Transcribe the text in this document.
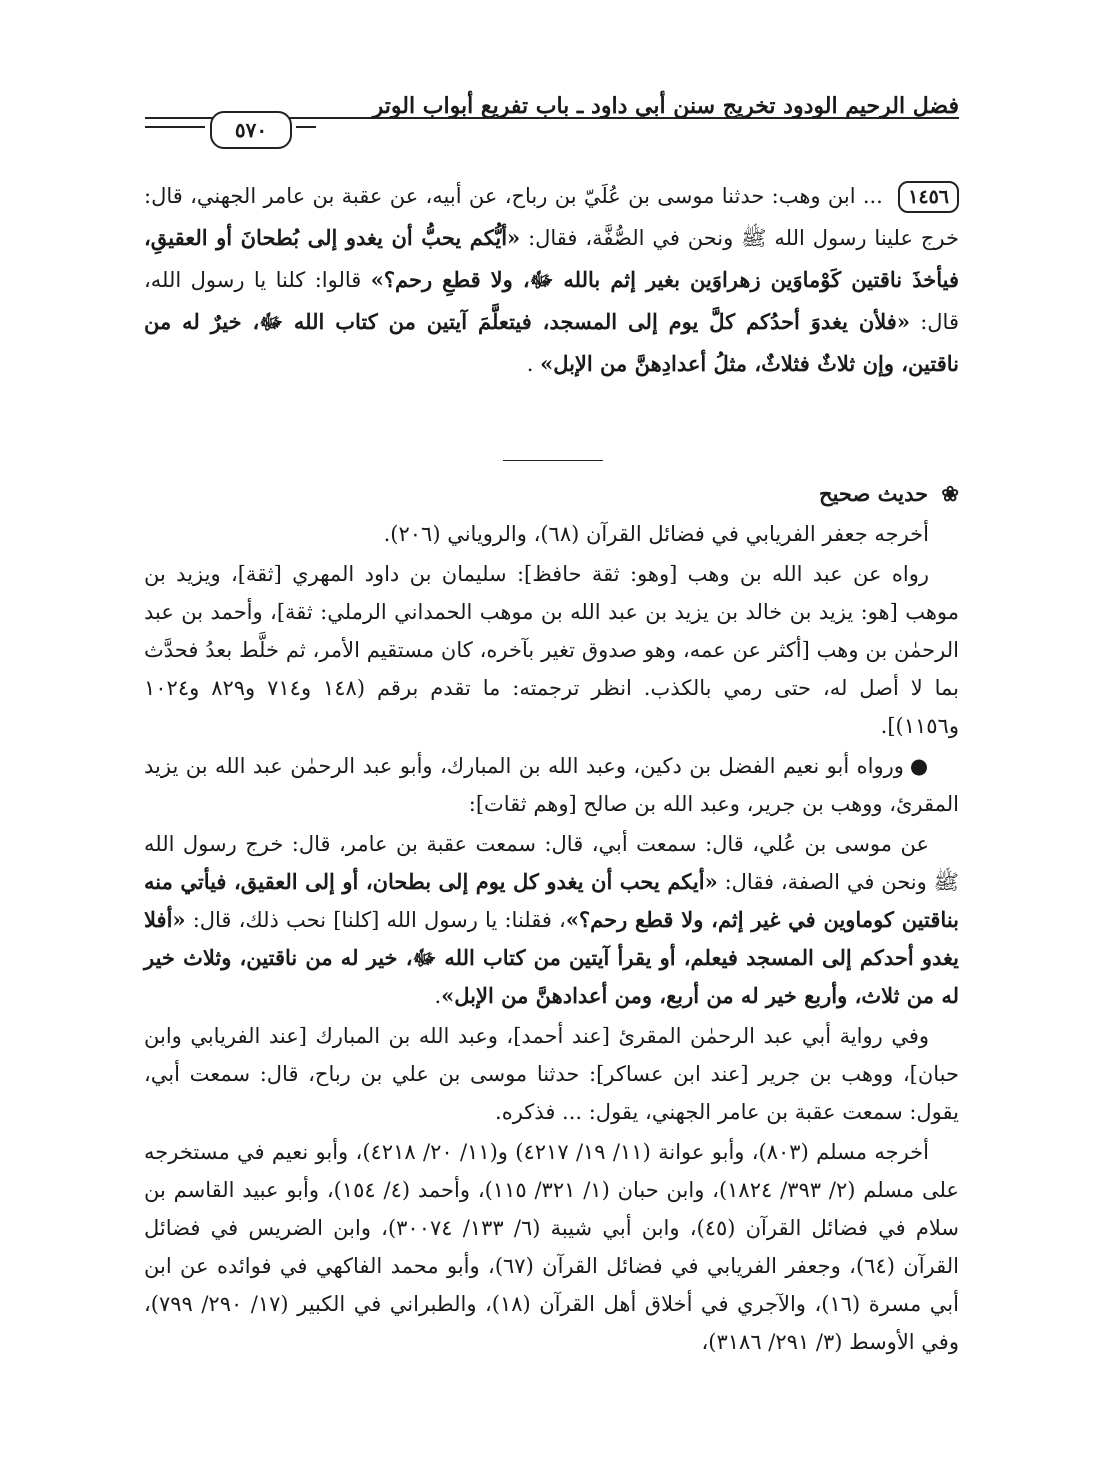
فضل الرحيم الودود تخريج سنن أبي داود ـ باب تفريع أبواب الوتر
٥٧٠
١٤٥٦ ... ابن وهب: حدثنا موسى بن عُلَيّ بن رباح، عن أبيه، عن عقبة بن عامر الجهني، قال: خرج علينا رسول الله ﷺ ونحن في الصُّفَّة، فقال: «أيُّكم يحبُّ أن يغدو إلى بُطحانَ أو العقيقِ، فيأخذَ ناقتين كَوْماوَين زهراوَين بغير إثم بالله ﷻ، ولا قطعِ رحم؟» قالوا: كلنا يا رسول الله، قال: «فلأن يغدوَ أحدُكم كلَّ يوم إلى المسجد، فيتعلَّمَ آيتين من كتاب الله ﷻ، خيرٌ له من ناقتين، وإن ثلاثٌ فثلاثٌ، مثلُ أعدادِهنَّ من الإبل» .
❀ حديث صحيح

أخرجه جعفر الفريابي في فضائل القرآن (٦٨)، والروياني (٢٠٦).

رواه عن عبد الله بن وهب [وهو: ثقة حافظ]: سليمان بن داود المهري [ثقة]، ويزيد بن موهب [هو: يزيد بن خالد بن يزيد بن عبد الله بن موهب الحمداني الرملي: ثقة]، وأحمد بن عبد الرحمٰن بن وهب [أكثر عن عمه، وهو صدوق تغير بآخره، كان مستقيم الأمر، ثم خلَّط بعدُ فحدَّث بما لا أصل له، حتى رمي بالكذب. انظر ترجمته: ما تقدم برقم (١٤٨ و٧١٤ و٨٢٩ و١٠٢٤ و١١٥٦)].

●ورواه أبو نعيم الفضل بن دكين، وعبد الله بن المبارك، وأبو عبد الرحمٰن عبد الله بن يزيد المقرئ، ووهب بن جرير، وعبد الله بن صالح [وهم ثقات]:

عن موسى بن عُلي، قال: سمعت أبي، قال: سمعت عقبة بن عامر، قال: خرج رسول الله ﷺ ونحن في الصفة، فقال: «أيكم يحب أن يغدو كل يوم إلى بطحان، أو إلى العقيق، فيأتي منه بناقتين كوماوين في غير إثم، ولا قطع رحم؟»، فقلنا: يا رسول الله [كلنا] نحب ذلك، قال: «أفلا يغدو أحدكم إلى المسجد فيعلم، أو يقرأ آيتين من كتاب الله ﷻ، خير له من ناقتين، وثلاث خير له من ثلاث، وأربع خير له من أربع، ومن أعدادهنَّ من الإبل».

وفي رواية أبي عبد الرحمٰن المقرئ [عند أحمد]، وعبد الله بن المبارك [عند الفريابي وابن حبان]، ووهب بن جرير [عند ابن عساكر]: حدثنا موسى بن علي بن رباح، قال: سمعت أبي، يقول: سمعت عقبة بن عامر الجهني، يقول: ... فذكره.

أخرجه مسلم (٨٠٣)، وأبو عوانة (١١/ ١٩/ ٤٢١٧) و(١١/ ٢٠/ ٤٢١٨)، وأبو نعيم في مستخرجه على مسلم (٢/ ٣٩٣/ ١٨٢٤)، وابن حبان (١/ ٣٢١/ ١١٥)، وأحمد (٤/ ١٥٤)، وأبو عبيد القاسم بن سلام في فضائل القرآن (٤٥)، وابن أبي شيبة (٦/ ١٣٣/ ٣٠٠٧٤)، وابن الضريس في فضائل القرآن (٦٤)، وجعفر الفريابي في فضائل القرآن (٦٧)، وأبو محمد الفاكهي في فوائده عن ابن أبي مسرة (١٦)، والآجري في أخلاق أهل القرآن (١٨)، والطبراني في الكبير (١٧/ ٢٩٠/ ٧٩٩)، وفي الأوسط (٣/ ٢٩١/ ٣١٨٦)،
